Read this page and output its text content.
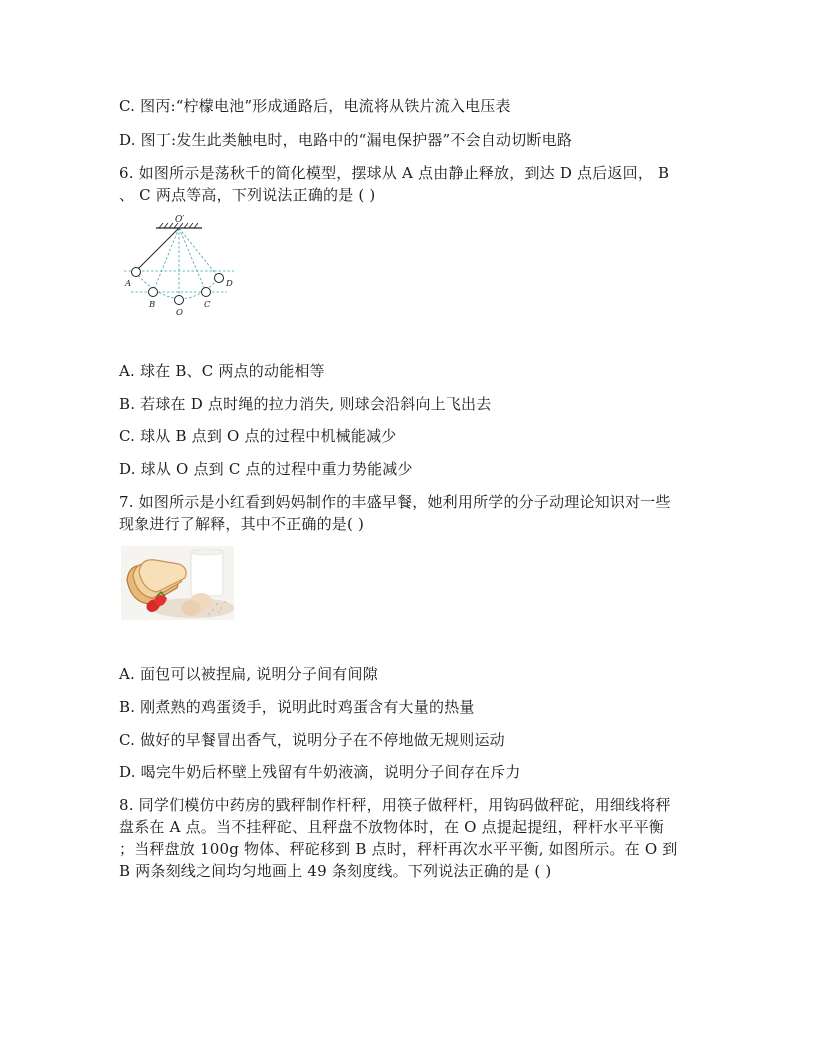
C. 图丙:“柠檬电池”形成通路后，电流将从铁片流入电压表
D. 图丁:发生此类触电时，电路中的“漏电保护器”不会自动切断电路
6. 如图所示是荡秋千的简化模型，摆球从 A 点由静止释放，到达 D 点后返回， B
、 C 两点等高，下列说法正确的是 ( )
O′
A
B
O
C
D
A. 球在 B、C 两点的动能相等
B. 若球在 D 点时绳的拉力消失, 则球会沿斜向上飞出去
C. 球从 B 点到 O 点的过程中机械能减少
D. 球从 O 点到 C 点的过程中重力势能减少
7. 如图所示是小红看到妈妈制作的丰盛早餐，她利用所学的分子动理论知识对一些
现象进行了解释，其中不正确的是( )
A. 面包可以被捏扁, 说明分子间有间隙
B. 刚煮熟的鸡蛋烫手，说明此时鸡蛋含有大量的热量
C. 做好的早餐冒出香气，说明分子在不停地做无规则运动
D. 喝完牛奶后杯壁上残留有牛奶液滴，说明分子间存在斥力
8. 同学们模仿中药房的戥秤制作杆秤，用筷子做秤杆，用钩码做秤砣，用细线将秤
盘系在 A 点。当不挂秤砣、且秤盘不放物体时，在 O 点提起提纽，秤杆水平平衡
；当秤盘放 100g 物体、秤砣移到 B 点时，秤杆再次水平平衡, 如图所示。在 O 到
B 两条刻线之间均匀地画上 49 条刻度线。下列说法正确的是 ( )
